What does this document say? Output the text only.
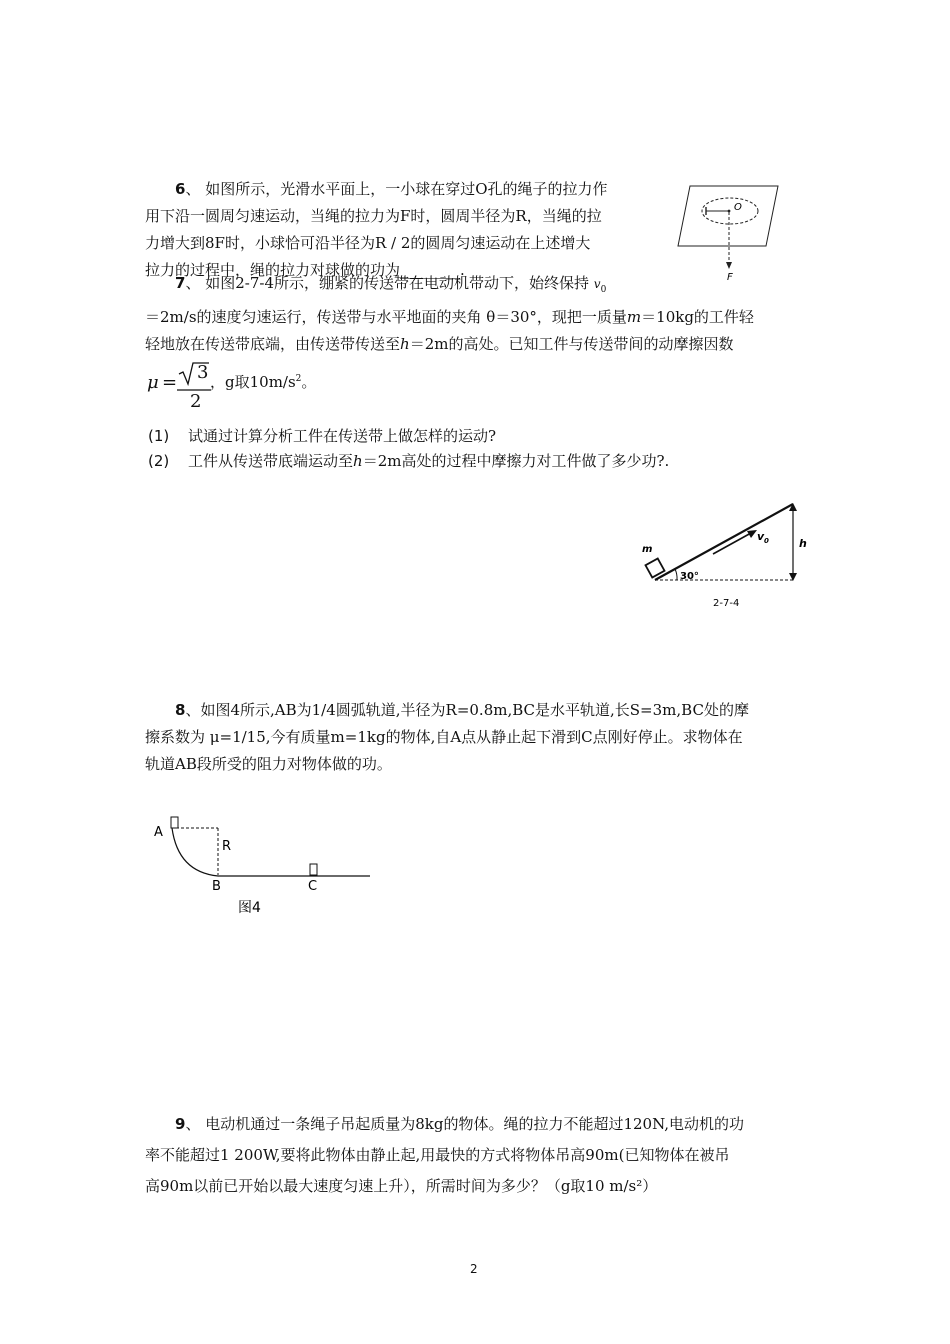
6、 如图所示，光滑水平面上，一小球在穿过O孔的绳子的拉力作
用下沿一圆周匀速运动，当绳的拉力为F时，圆周半径为R，当绳的拉
力增大到8F时，小球恰可沿半径为R / 2的圆周匀速运动在上述增大
拉力的过程中，绳的拉力对球做的功为________.
O
F
7、 如图2-7-4所示，绷紧的传送带在电动机带动下，始终保持 $v_0$
＝2m/s的速度匀速运行，传送带与水平地面的夹角 θ＝30°，现把一质量m＝10kg的工件轻
轻地放在传送带底端，由传送带传送至h＝2m的高处。已知工件与传送带间的动摩擦因数
μ = 3
2
，g取$10m/s^2$。
(1) 试通过计算分析工件在传送带上做怎样的运动?
(2) 工件从传送带底端运动至h＝2m高处的过程中摩擦力对工件做了多少功?.
h
m
30°
v 0
2-7-4
8、如图4所示,AB为1/4圆弧轨道,半径为R=0.8m,BC是水平轨道,长S=3m,BC处的摩
擦系数为 μ=1/15,今有质量m=1kg的物体,自A点从静止起下滑到C点刚好停止。求物体在
轨道AB段所受的阻力对物体做的功。
A
R
B	C
图4
9、 电动机通过一条绳子吊起质量为8kg的物体。绳的拉力不能超过120N,电动机的功
率不能超过1 200W,要将此物体由静止起,用最快的方式将物体吊高90m(已知物体在被吊
高90m以前已开始以最大速度匀速上升），所需时间为多少？（g取10 m/s²）
2
